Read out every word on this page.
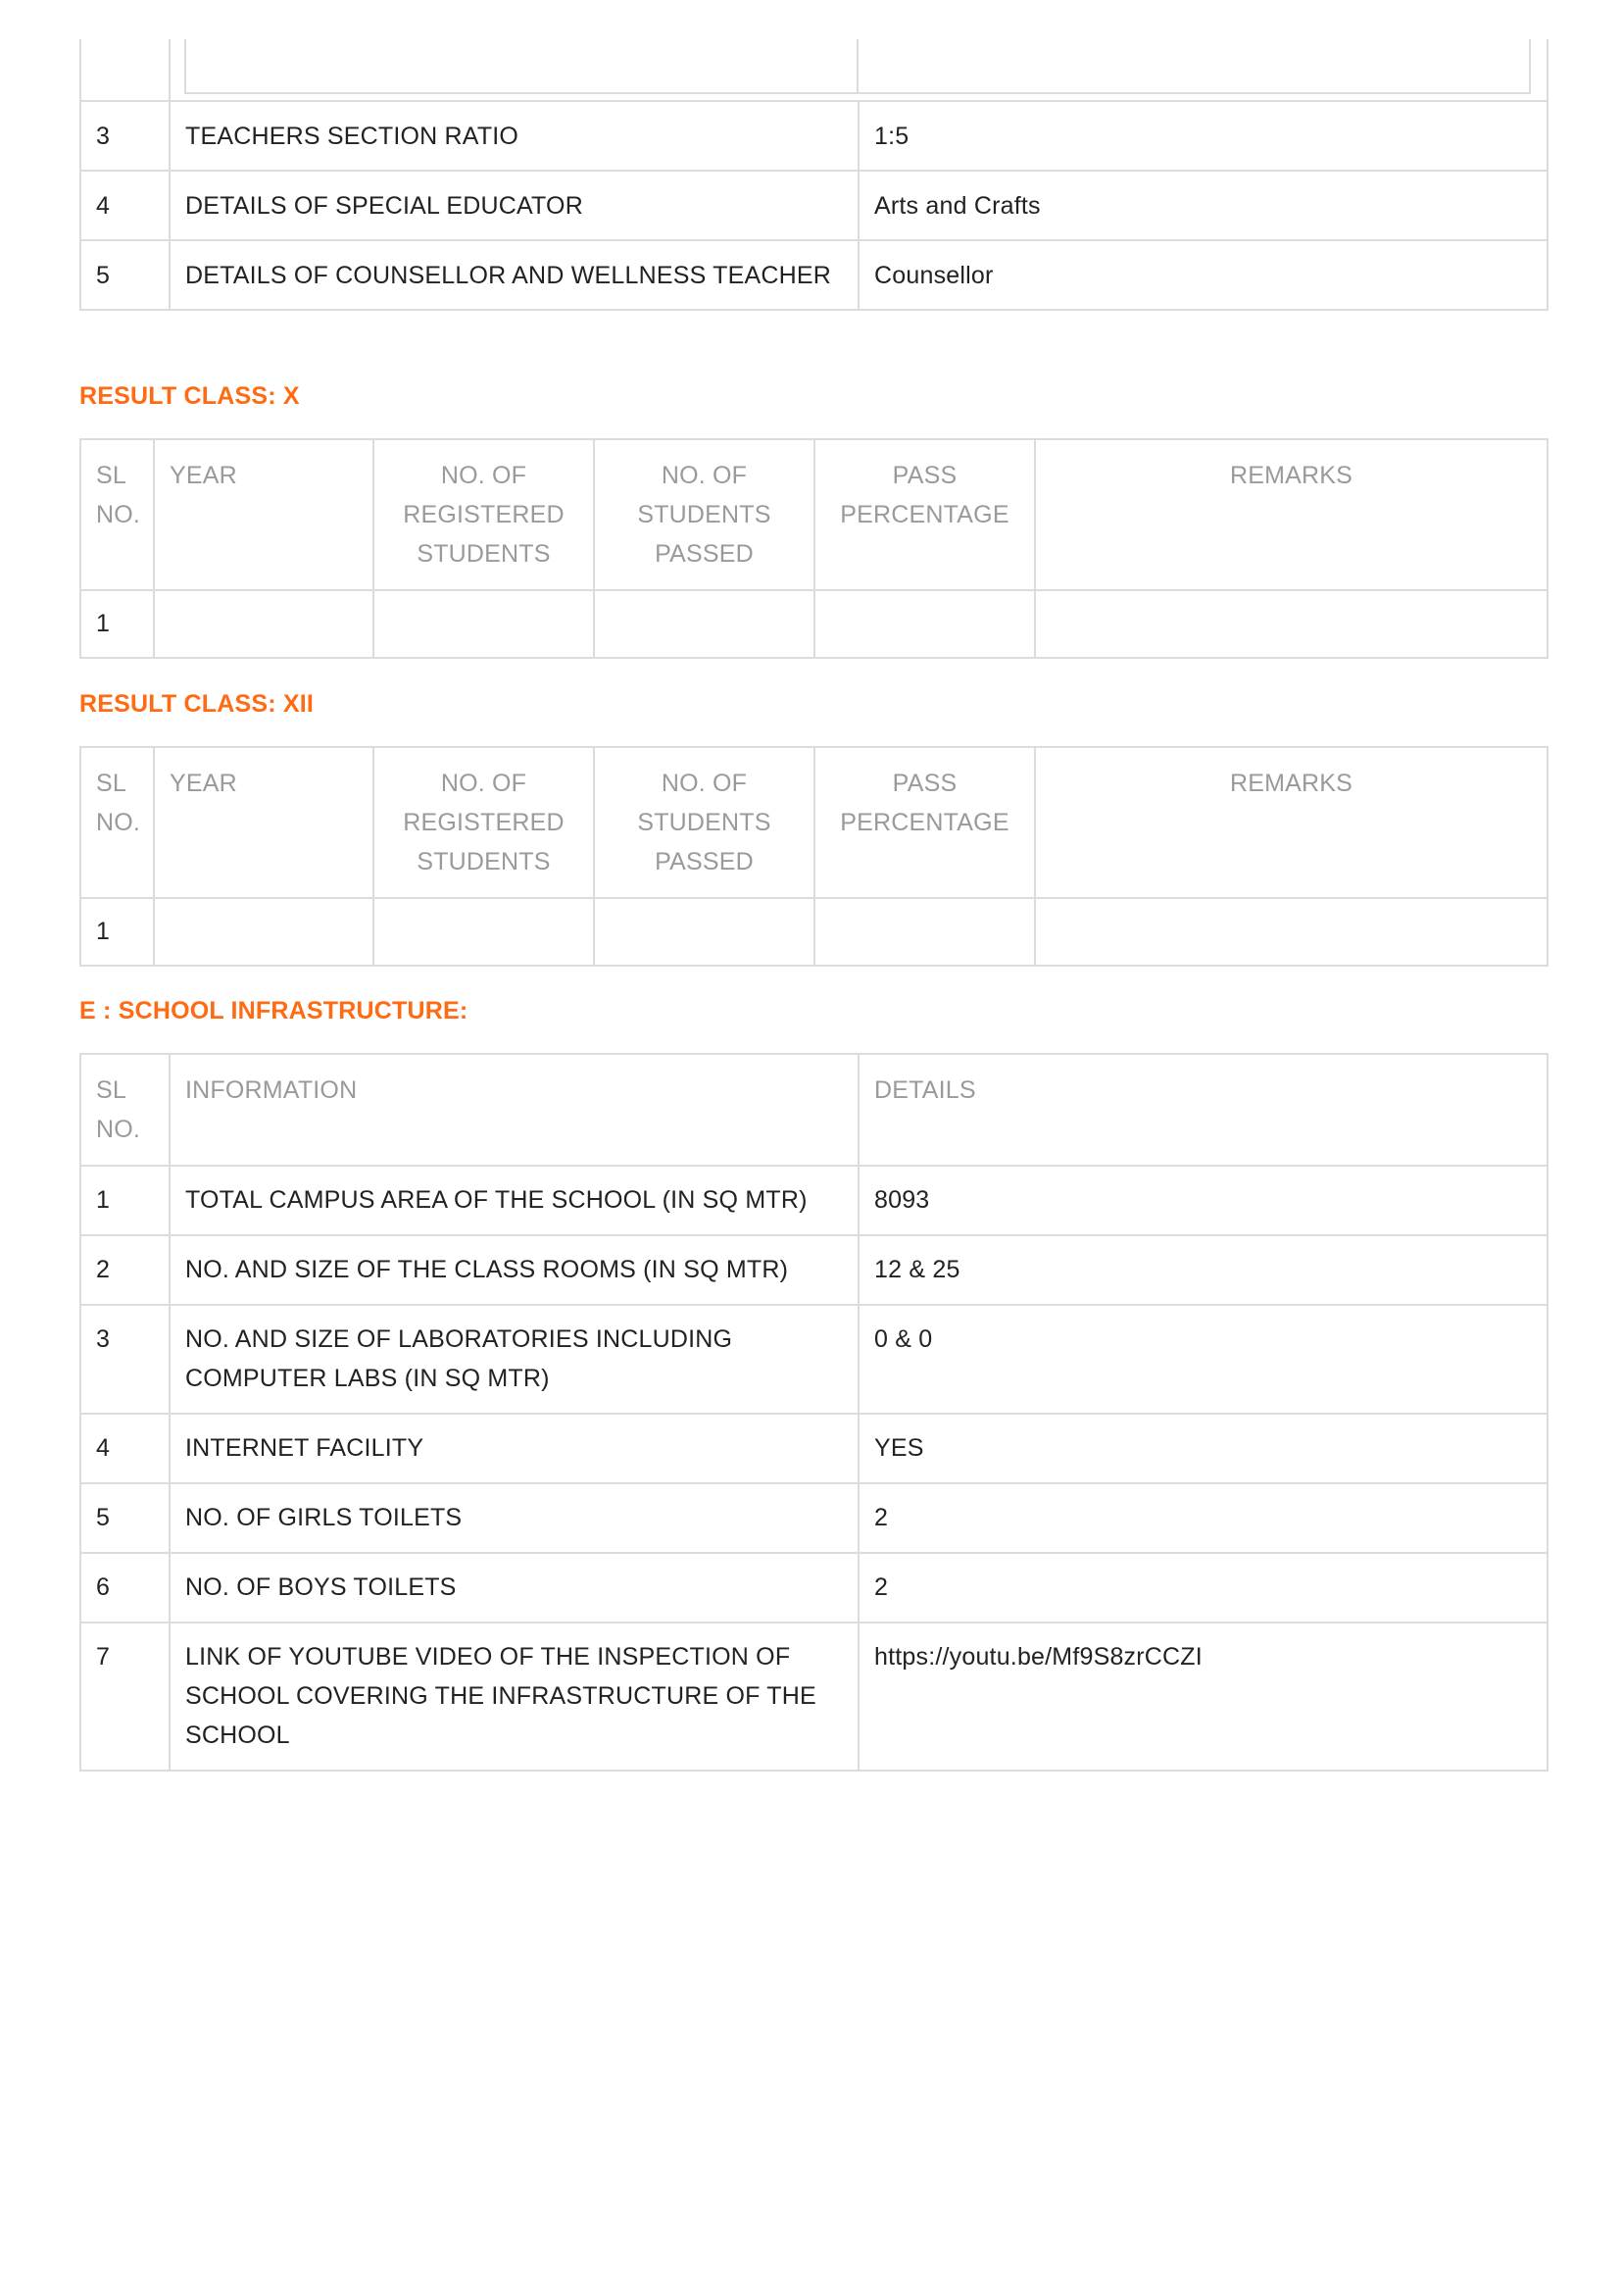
3	TEACHERS SECTION RATIO	1:5
4	DETAILS OF SPECIAL EDUCATOR	Arts and Crafts
5	DETAILS OF COUNSELLOR AND WELLNESS TEACHER	Counsellor
RESULT CLASS: X
SL NO.	YEAR	NO. OF REGISTERED STUDENTS	NO. OF STUDENTS PASSED	PASS PERCENTAGE	REMARKS
1					
RESULT CLASS: XII
SL NO.	YEAR	NO. OF REGISTERED STUDENTS	NO. OF STUDENTS PASSED	PASS PERCENTAGE	REMARKS
1					
E : SCHOOL INFRASTRUCTURE:
SL NO.	INFORMATION	DETAILS
1	TOTAL CAMPUS AREA OF THE SCHOOL (IN SQ MTR)	8093
2	NO. AND SIZE OF THE CLASS ROOMS (IN SQ MTR)	12 & 25
3	NO. AND SIZE OF LABORATORIES INCLUDING COMPUTER LABS (IN SQ MTR)	0 & 0
4	INTERNET FACILITY	YES
5	NO. OF GIRLS TOILETS	2
6	NO. OF BOYS TOILETS	2
7	LINK OF YOUTUBE VIDEO OF THE INSPECTION OF SCHOOL COVERING THE INFRASTRUCTURE OF THE SCHOOL	https://youtu.be/Mf9S8zrCCZI
